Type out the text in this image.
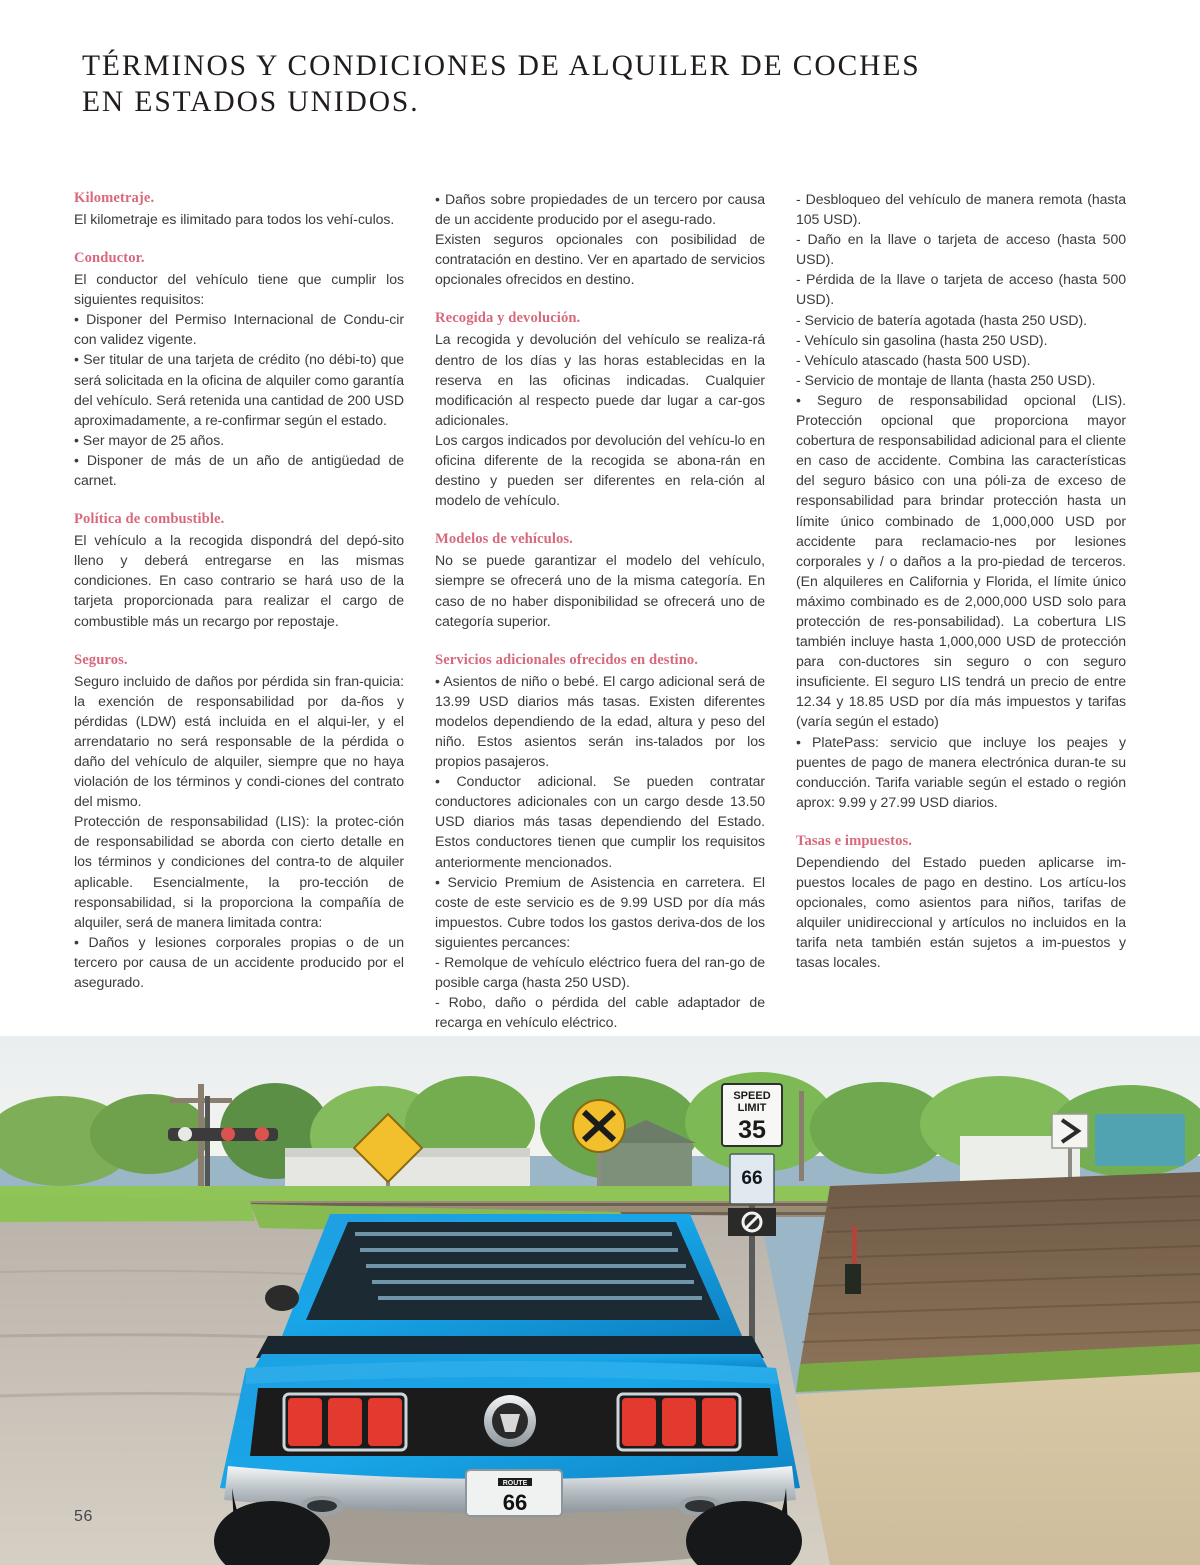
TÉRMINOS Y CONDICIONES DE ALQUILER DE COCHES
EN ESTADOS UNIDOS.
Kilometraje.

El kilometraje es ilimitado para todos los vehí-culos.

Conductor.

El conductor del vehículo tiene que cumplir los siguientes requisitos:

• Disponer del Permiso Internacional de Condu-cir con validez vigente.

• Ser titular de una tarjeta de crédito (no débi-to) que será solicitada en la oficina de alquiler como garantía del vehículo. Será retenida una cantidad de 200 USD aproximadamente, a re-confirmar según el estado.

• Ser mayor de 25 años.

• Disponer de más de un año de antigüedad de carnet.

Política de combustible.

El vehículo a la recogida dispondrá del depó-sito lleno y deberá entregarse en las mismas condiciones. En caso contrario se hará uso de la tarjeta proporcionada para realizar el cargo de combustible más un recargo por repostaje.

Seguros.

Seguro incluido de daños por pérdida sin fran-quicia: la exención de responsabilidad por da-ños y pérdidas (LDW) está incluida en el alqui-ler, y el arrendatario no será responsable de la pérdida o daño del vehículo de alquiler, siempre que no haya violación de los términos y condi-ciones del contrato del mismo.

Protección de responsabilidad (LIS): la protec-ción de responsabilidad se aborda con cierto detalle en los términos y condiciones del contra-to de alquiler aplicable. Esencialmente, la pro-tección de responsabilidad, si la proporciona la compañía de alquiler, será de manera limitada contra:

• Daños y lesiones corporales propias o de un tercero por causa de un accidente producido por el asegurado.

• Daños sobre propiedades de un tercero por causa de un accidente producido por el asegu-rado.

Existen seguros opcionales con posibilidad de contratación en destino. Ver en apartado de servicios opcionales ofrecidos en destino.

Recogida y devolución.

La recogida y devolución del vehículo se realiza-rá dentro de los días y las horas establecidas en la reserva en las oficinas indicadas. Cualquier modificación al respecto puede dar lugar a car-gos adicionales.

Los cargos indicados por devolución del vehícu-lo en oficina diferente de la recogida se abona-rán en destino y pueden ser diferentes en rela-ción al modelo de vehículo.

Modelos de vehículos.

No se puede garantizar el modelo del vehículo, siempre se ofrecerá uno de la misma categoría. En caso de no haber disponibilidad se ofrecerá uno de categoría superior.

Servicios adicionales ofrecidos en destino.

• Asientos de niño o bebé. El cargo adicional será de 13.99 USD diarios más tasas. Existen diferentes modelos dependiendo de la edad, altura y peso del niño. Estos asientos serán ins-talados por los propios pasajeros.

• Conductor adicional. Se pueden contratar conductores adicionales con un cargo desde 13.50 USD diarios más tasas dependiendo del Estado. Estos conductores tienen que cumplir los requisitos anteriormente mencionados.

• Servicio Premium de Asistencia en carretera. El coste de este servicio es de 9.99 USD por día más impuestos. Cubre todos los gastos deriva-dos de los siguientes percances:

- Remolque de vehículo eléctrico fuera del ran-go de posible carga (hasta 250 USD).

- Robo, daño o pérdida del cable adaptador de recarga en vehículo eléctrico.

- Desbloqueo del vehículo de manera remota (hasta 105 USD).

- Daño en la llave o tarjeta de acceso (hasta 500 USD).

- Pérdida de la llave o tarjeta de acceso (hasta 500 USD).

- Servicio de batería agotada (hasta 250 USD).

- Vehículo sin gasolina (hasta 250 USD).

- Vehículo atascado (hasta 500 USD).

- Servicio de montaje de llanta (hasta 250 USD).

• Seguro de responsabilidad opcional (LIS). Protección opcional que proporciona mayor cobertura de responsabilidad adicional para el cliente en caso de accidente. Combina las características del seguro básico con una póli-za de exceso de responsabilidad para brindar protección hasta un límite único combinado de 1,000,000 USD por accidente para reclamacio-nes por lesiones corporales y / o daños a la pro-piedad de terceros. (En alquileres en California y Florida, el límite único máximo combinado es de 2,000,000 USD solo para protección de res-ponsabilidad). La cobertura LIS también incluye hasta 1,000,000 USD de protección para con-ductores sin seguro o con seguro insuficiente. El seguro LIS tendrá un precio de entre 12.34 y 18.85 USD por día más impuestos y tarifas (varía según el estado)

• PlatePass: servicio que incluye los peajes y puentes de pago de manera electrónica duran-te su conducción. Tarifa variable según el estado o región aprox: 9.99 y 27.99 USD diarios.

Tasas e impuestos.

Dependiendo del Estado pueden aplicarse im-puestos locales de pago en destino. Los artícu-los opcionales, como asientos para niños, tarifas de alquiler unidireccional y artículos no incluidos en la tarifa neta también están sujetos a im-puestos y tasas locales.

SPEED
LIMIT
35
66
ROUTE
66
56
